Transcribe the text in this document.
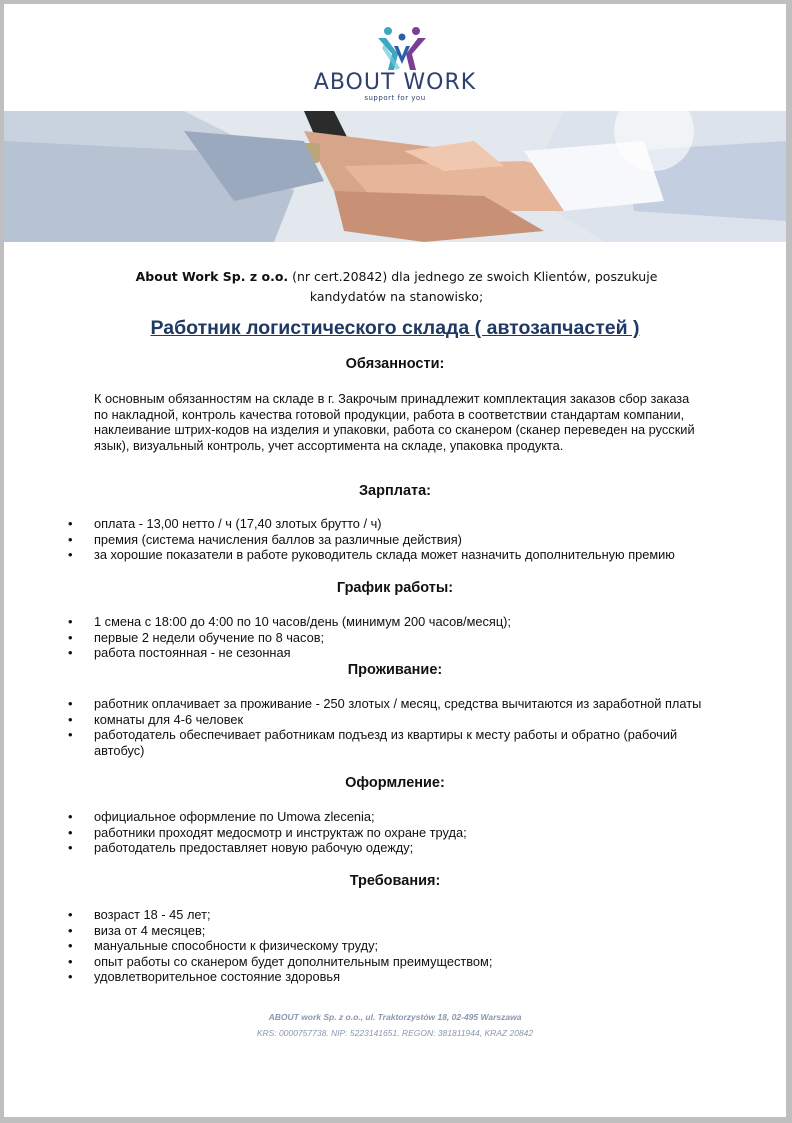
ABOUT WORK
support for you
About Work Sp. z o.o. (nr cert.20842) dla jednego ze swoich Klientów, poszukuje kandydatów na stanowisko;
Работник логистического склада ( автозапчастей )
Обязанности:
К основным обязанностям на складе в г. Закрочым принадлежит комплектация заказов сбор заказа по накладной, контроль качества готовой продукции, работа в соответствии стандартам компании, наклеивание штрих-кодов на изделия и упаковки, работа со сканером (сканер переведен на русский язык), визуальный контроль, учет ассортимента на складе, упаковка продукта.
Зарплата:
• оплата - 13,00 нетто / ч (17,40 злотых брутто / ч)
• премия (система начисления баллов за различные действия)
• за хорошие показатели в работе руководитель склада может назначить дополнительную премию
График работы:
• 1 смена с 18:00 до 4:00 по 10 часов/день (минимум 200 часов/месяц);
• первые 2 недели обучение по 8 часов;
• работа постоянная - не сезонная
Проживание:
• работник оплачивает за проживание - 250 злотых / месяц, средства вычитаются из заработной платы
• комнаты для 4-6 человек
• работодатель обеспечивает работникам подъезд из квартиры к месту работы и обратно (рабочий автобус)
Оформление:
• официальное оформление по Umowa zlecenia;
• работники проходят медосмотр и инструктаж по охране труда;
• работодатель предоставляет новую рабочую одежду;
Требования:
• возраст 18 - 45 лет;
• виза от 4 месяцев;
• мануальные способности к физическому труду;
• опыт работы со сканером будет дополнительным преимуществом;
• удовлетворительное состояние здоровья
ABOUT work Sp. z o.o., ul. Traktorzystów 18, 02-495 Warszawa
KRS: 0000757738. NIP: 5223141651, REGON: 381811944, KRAZ 20842
